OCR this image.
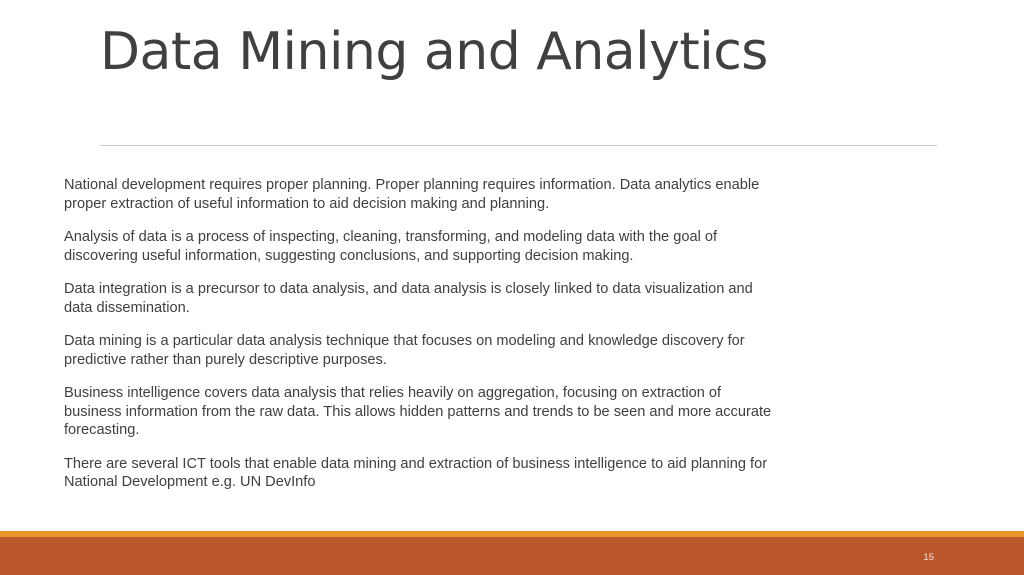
Data Mining and Analytics

National development requires proper planning. Proper planning requires information. Data analytics enable proper extraction of useful information to aid decision making and planning.

Analysis of data is a process of inspecting, cleaning, transforming, and modeling data with the goal of discovering useful information, suggesting conclusions, and supporting decision making.

Data integration is a precursor to data analysis, and data analysis is closely linked to data visualization and data dissemination.

Data mining is a particular data analysis technique that focuses on modeling and knowledge discovery for predictive rather than purely descriptive purposes.

Business intelligence covers data analysis that relies heavily on aggregation, focusing on extraction of business information from the raw data. This allows hidden patterns and trends to be seen and more accurate forecasting.

There are several ICT tools that enable data mining and extraction of business intelligence to aid planning for National Development e.g. UN DevInfo

15
